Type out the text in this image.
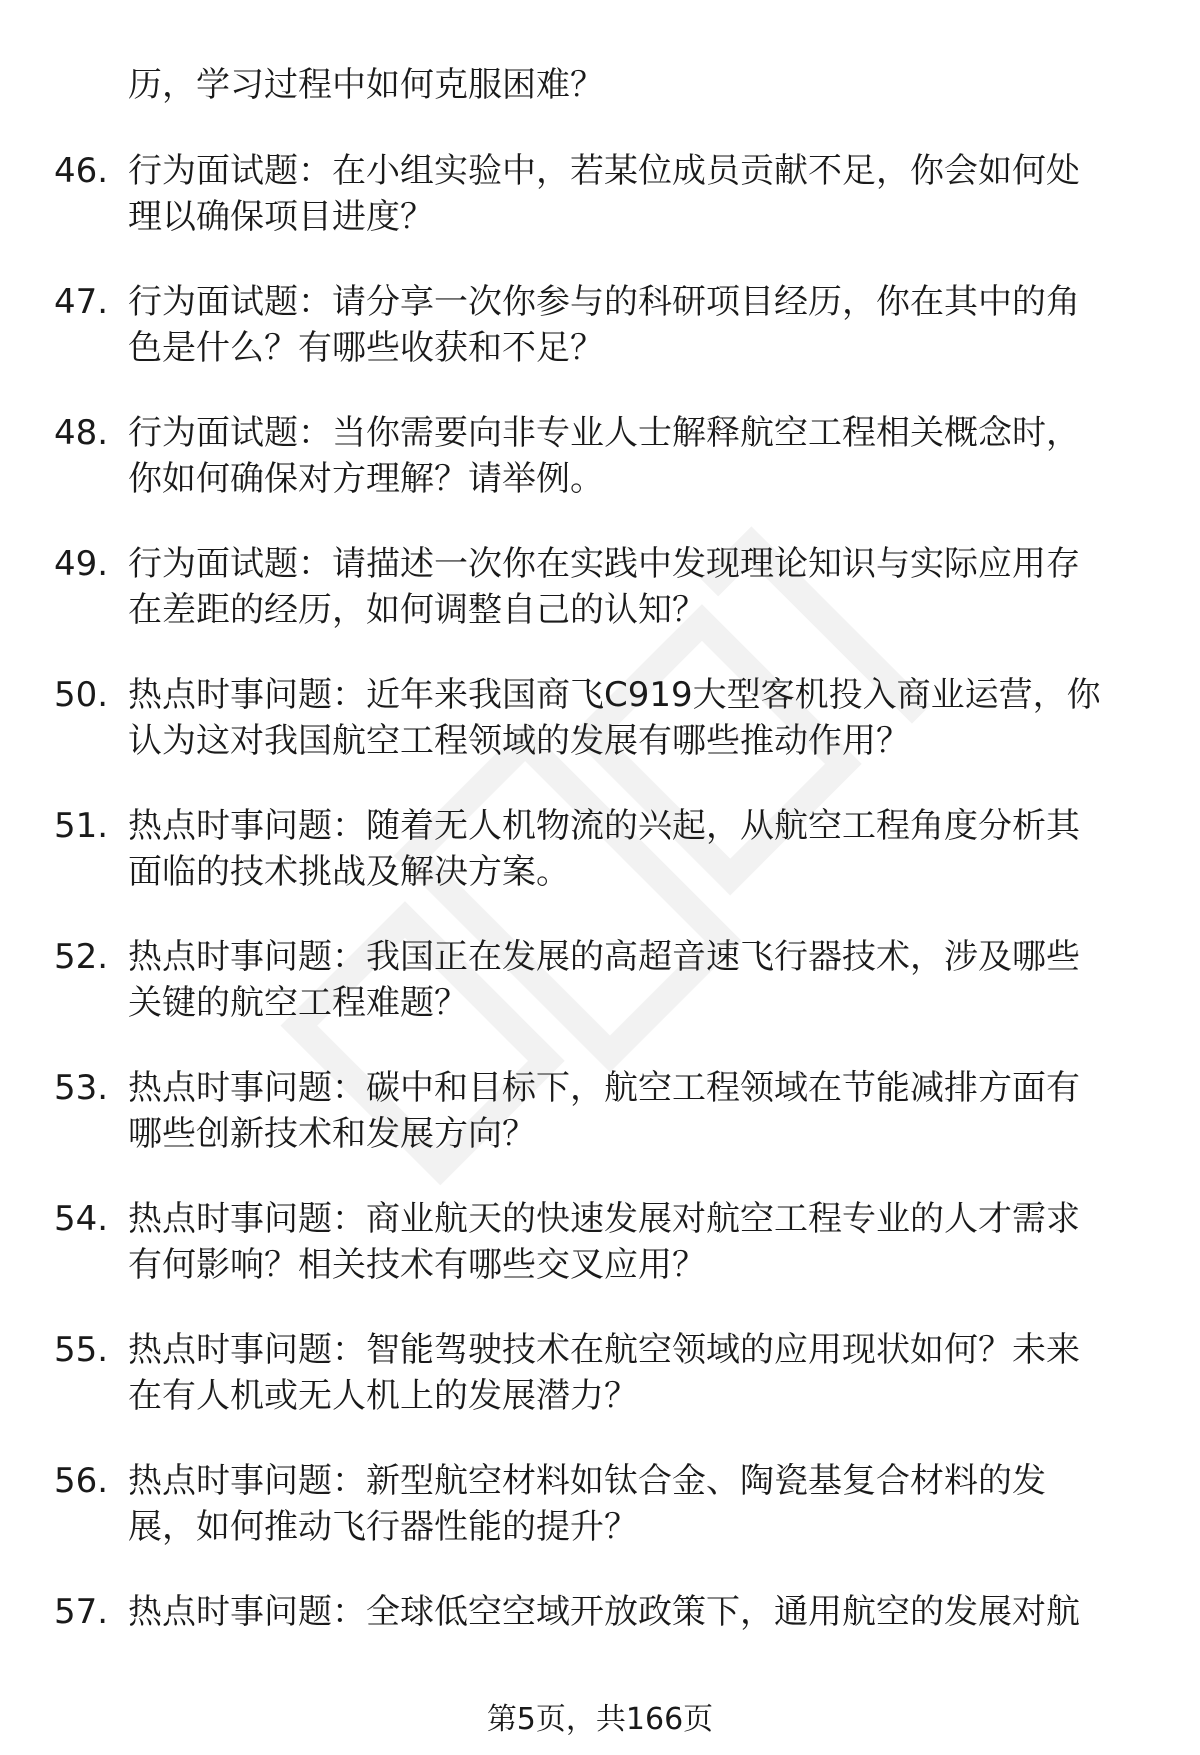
历，学习过程中如何克服困难？
46. 行为面试题：在小组实验中，若某位成员贡献不足，你会如何处
理以确保项目进度？
47. 行为面试题：请分享一次你参与的科研项目经历，你在其中的角
色是什么？有哪些收获和不足？
48. 行为面试题：当你需要向非专业人士解释航空工程相关概念时，
你如何确保对方理解？请举例。
49. 行为面试题：请描述一次你在实践中发现理论知识与实际应用存
在差距的经历，如何调整自己的认知？
50. 热点时事问题：近年来我国商飞C919大型客机投入商业运营，你
认为这对我国航空工程领域的发展有哪些推动作用？
51. 热点时事问题：随着无人机物流的兴起，从航空工程角度分析其
面临的技术挑战及解决方案。
52. 热点时事问题：我国正在发展的高超音速飞行器技术，涉及哪些
关键的航空工程难题？
53. 热点时事问题：碳中和目标下，航空工程领域在节能减排方面有
哪些创新技术和发展方向？
54. 热点时事问题：商业航天的快速发展对航空工程专业的人才需求
有何影响？相关技术有哪些交叉应用？
55. 热点时事问题：智能驾驶技术在航空领域的应用现状如何？未来
在有人机或无人机上的发展潜力？
56. 热点时事问题：新型航空材料如钛合金、陶瓷基复合材料的发
展，如何推动飞行器性能的提升？
57. 热点时事问题：全球低空空域开放政策下，通用航空的发展对航
第5页，共166页
